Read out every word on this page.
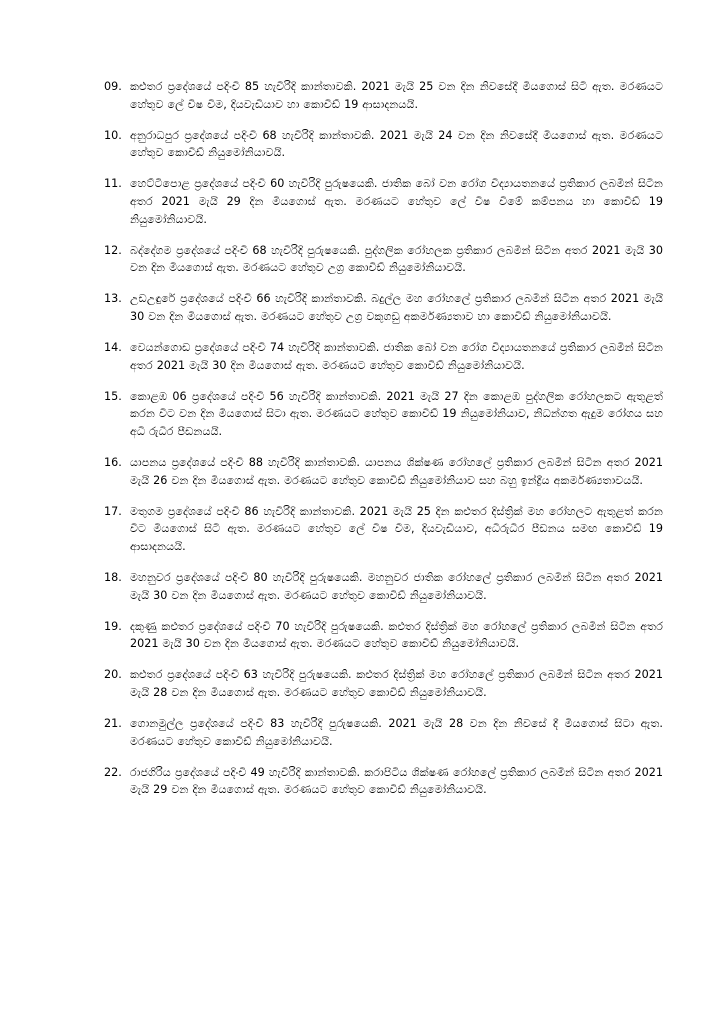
09. කළුතර ප්‍රදේශයේ පදිංචි 85 හැවිරිදි කාන්තාවකි. 2021 මැයි 25 වන දින නිවසේදී මියගොස් සිටි ඇත. මරණයට හේතුව ලේ විෂ වීම, දියවැඩියාව හා කොවිඩ් 19 ආසාදනයයි.
10. අනුරාධපුර ප්‍රදේශයේ පදිංචි 68 හැවිරිදි කාන්තාවකි. 2021 මැයි 24 වන දින නිවසේදී මියගොස් ඇත. මරණයට හේතුව කොවිඩ් නියුමෝනියාවයි.
11. හෙට්ටිපොළ ප්‍රදේශයේ පදිංචි 60 හැවිරිදි පුරුෂයෙකි. ජාතික බෝ වන රෝග විද්‍යායතනයේ ප්‍රතිකාර ලබමින් සිටින අතර 2021 මැයි 29 දින මියගොස් ඇත. මරණයට හේතුව ලේ විෂ වීමේ කම්පනය හා කොවිඩ් 19 නියුමෝනියාවයි.
12. බද්දේගම ප්‍රදේශයේ පදිංචි 68 හැවිරිදි පුරුෂයෙකි. පුද්ගලික රෝහලක ප්‍රතිකාර ලබමින් සිටින අතර 2021 මැයි 30 වන දින මියගොස් ඇත. මරණයට හේතුව උග්‍ර කොවිඩ් නියුමෝනියාවයි.
13. උඩඋඳුරේ ප්‍රදේශයේ පදිංචි 66 හැවිරිදි කාන්තාවකි. බදුල්ල මහ රෝහලේ ප්‍රතිකාර ලබමින් සිටින අතර 2021 මැයි 30 වන දින මියගොස් ඇත. මරණයට හේතුව උග්‍ර වකුගඩු අකර්මණ්‍යතාව හා කොවිඩ් නියුමෝනියාවයි.
14. වෙයන්ගොඩ ප්‍රදේශයේ පදිංචි 74 හැවිරිදි කාන්තාවකි. ජාතික බෝ වන රෝග විද්‍යායතනයේ ප්‍රතිකාර ලබමින් සිටින අතර 2021 මැයි 30 දින මියගොස් ඇත. මරණයට හේතුව කොවිඩ් නියුමෝනියාවයි.
15. කොළඹ 06 ප්‍රදේශයේ පදිංචි 56 හැවිරිදි කාන්තාවකි. 2021 මැයි 27 දින කොළඹ පුද්ගලික රෝහලකට ඇතුළත් කරන විට වන දින මියගොස් සිටා ඇත. මරණයට හේතුව කොවිඩ් 19 නියුමෝනියාව, නිධන්ගත ඇදුම රෝගය සහ අධි රුධිර පීඩනයයි.
16. යාපනය ප්‍රදේශයේ පදිංචි 88 හැවිරිදි කාන්තාවකි. යාපනය ශික්ෂණ රෝහලේ ප්‍රතිකාර ලබමින් සිටින අතර 2021 මැයි 26 වන දින මියගොස් ඇත. මරණයට හේතුව කොවිඩ් නියුමෝනියාව සහ බහු ඉන්ද්‍රීය අකර්මණ්‍යතාවයයි.
17. මතුගම ප්‍රදේශයේ පදිංචි 86 හැවිරිදි කාන්තාවකි. 2021 මැයි 25 දින කළුතර දිස්ත්‍රික් මහ රෝහලට ඇතුළත් කරන විට මියගොස් සිටි ඇත. මරණයට හේතුව ලේ විෂ වීම, දියවැඩියාව, අධිරුධිර පීඩනය සමඟ කොවිඩ් 19 ආසාදනයයි.
18. මහනුවර ප්‍රදේශයේ පදිංචි 80 හැවිරිදි පුරුෂයෙකි. මහනුවර ජාතික රෝහලේ ප්‍රතිකාර ලබමින් සිටින අතර 2021 මැයි 30 වන දින මියගොස් ඇත. මරණයට හේතුව කොවිඩ් නියුමෝනියාවයි.
19. දකුණු කළුතර ප්‍රදේශයේ පදිංචි 70 හැවිරිදි පුරුෂයෙකි. කළුතර දිස්ත්‍රික් මහ රෝහලේ ප්‍රතිකාර ලබමින් සිටින අතර 2021 මැයි 30 වන දින මියගොස් ඇත. මරණයට හේතුව කොවිඩ් නියුමෝනියාවයි.
20. කළුතර ප්‍රදේශයේ පදිංචි 63 හැවිරිදි පුරුෂයෙකි. කළුතර දිස්ත්‍රික් මහ රෝහලේ ප්‍රතිකාර ලබමින් සිටින අතර 2021 මැයි 28 වන දින මියගොස් ඇත. මරණයට හේතුව කොවිඩ් නියුමෝනියාවයි.
21. ගොනමුල්ල ප්‍රදේශයේ පදිංචි 83 හැවිරිදි පුරුෂයෙකි. 2021 මැයි 28 වන දින නිවසේ දී මියගොස් සිටා ඇත. මරණයට හේතුව කොවිඩ් නියුමෝනියාවයි.
22. රාජගිරිය ප්‍රදේශයේ පදිංචි 49 හැවිරිදි කාන්තාවකි. කරාපිටිය ශික්ෂණ රෝහලේ ප්‍රතිකාර ලබමින් සිටින අතර 2021 මැයි 29 වන දින මියගොස් ඇත. මරණයට හේතුව කොවිඩ් නියුමෝනියාවයි.
